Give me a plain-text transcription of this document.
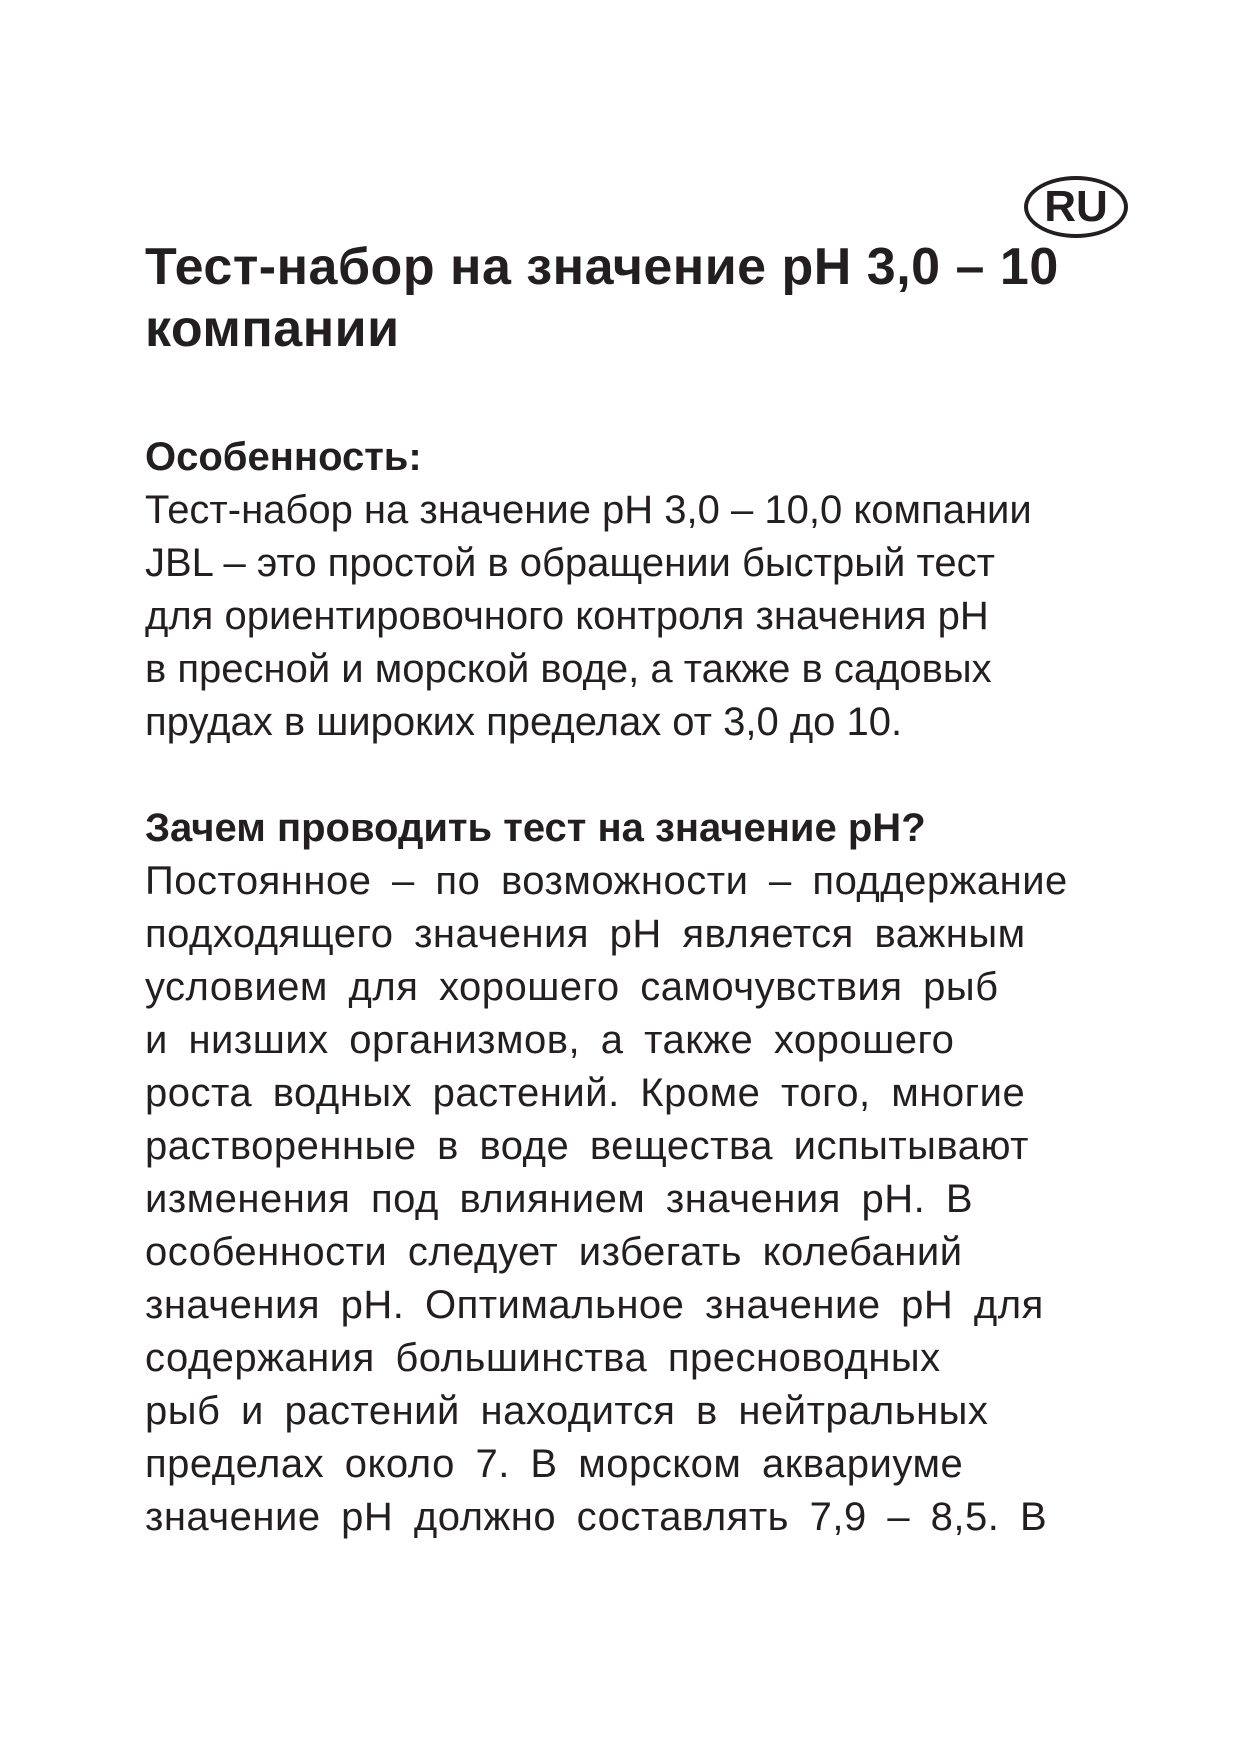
RU
Тест-набор на значение pH 3,0 – 10
компании
Особенность:

Тест-набор на значение pH 3,0 – 10,0 компании
JBL – это простой в обращении быстрый тест
для ориентировочного контроля значения pH
в пресной и морской воде, а также в садовых
прудах в широких пределах от 3,0 до 10.

Зачем проводить тест на значение pH?

Постоянное – по возможности – поддержание
подходящего значения pH является важным
условием для хорошего самочувствия рыб
и низших организмов, а также хорошего
роста водных растений. Кроме того, многие
растворенные в воде вещества испытывают
изменения под влиянием значения pH. В
особенности следует избегать колебаний
значения pH. Оптимальное значение pH для
содержания большинства пресноводных
рыб и растений находится в нейтральных
пределах около 7. В морском аквариуме
значение pH должно составлять 7,9 – 8,5. В
